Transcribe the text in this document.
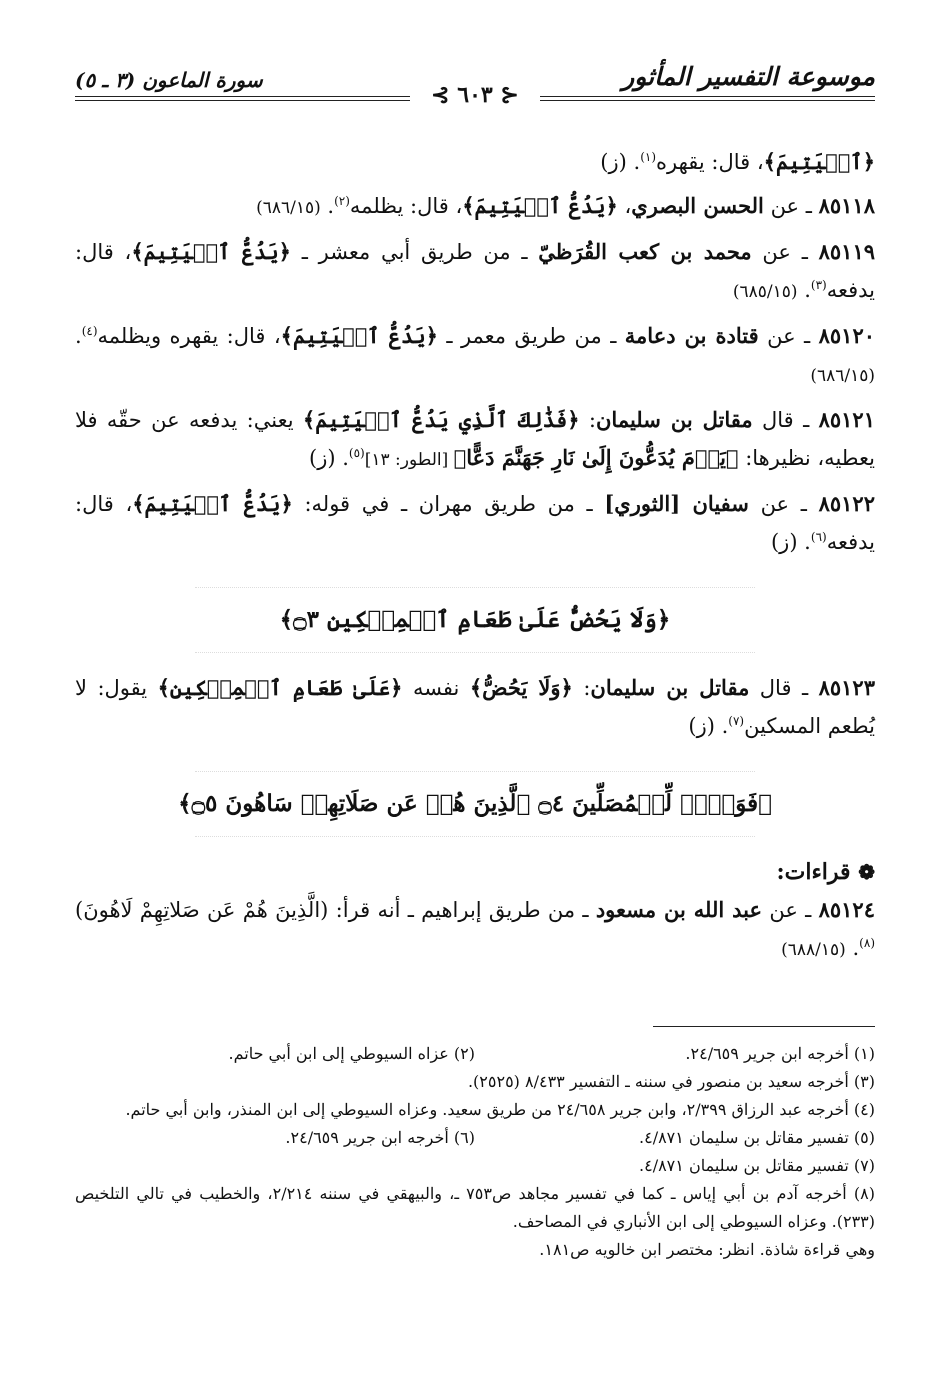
موسوعة التفسير المأثور
⊰ ٦٠٣ ⊱
سورة الماعون (٣ ـ ٥)
﴿ٱلۡيَتِيمَ﴾، قال: يقهره$^{(١)}$. (ز)
٨٥١١٨ ـ عن الحسن البصري، ﴿يَدُعُّ ٱلۡيَتِيمَ﴾، قال: يظلمه$^{(٢)}$. (٦٨٦/١٥)
٨٥١١٩ ـ عن محمد بن كعب القُرَظيّ ـ من طريق أبي معشر ـ ﴿يَدُعُّ ٱلۡيَتِيمَ﴾، قال: يدفعه$^{(٣)}$. (٦٨٥/١٥)
٨٥١٢٠ ـ عن قتادة بن دعامة ـ من طريق معمر ـ ﴿يَدُعُّ ٱلۡيَتِيمَ﴾، قال: يقهره ويظلمه$^{(٤)}$. (٦٨٦/١٥)
٨٥١٢١ ـ قال مقاتل بن سليمان: ﴿فَذَٰلِكَ ٱلَّذِي يَدُعُّ ٱلۡيَتِيمَ﴾ يعني: يدفعه عن حقّه فلا يعطيه، نظيرها: ﴿يَوۡمَ يُدَعُّونَ إِلَىٰ نَارِ جَهَنَّمَ دَعًّا﴾ [الطور: ١٣]$^{(٥)}$. (ز)
٨٥١٢٢ ـ عن سفيان [الثوري] ـ من طريق مهران ـ في قوله: ﴿يَدُعُّ ٱلۡيَتِيمَ﴾، قال: يدفعه$^{(٦)}$. (ز)
﴿وَلَا يَحُضُّ عَلَىٰ طَعَامِ ٱلۡمِسۡكِينِ ۝٣﴾
٨٥١٢٣ ـ قال مقاتل بن سليمان: ﴿وَلَا يَحُضُّ﴾ نفسه ﴿عَلَىٰ طَعَامِ ٱلۡمِسۡكِينِ﴾ يقول: لا يُطعم المسكين$^{(٧)}$. (ز)
﴿فَوَيۡلٞ لِّلۡمُصَلِّينَ ۝٤ ٱلَّذِينَ هُمۡ عَن صَلَاتِهِمۡ سَاهُونَ ۝٥﴾
❁ قراءات:
٨٥١٢٤ ـ عن عبد الله بن مسعود ـ من طريق إبراهيم ـ أنه قرأ: (الَّذِينَ هُمْ عَن صَلاتِهِمْ لَاهُونَ)$^{(٨)}$. (٦٨٨/١٥)
(١) أخرجه ابن جرير ٢٤/٦٥٩.
(٢) عزاه السيوطي إلى ابن أبي حاتم.
(٣) أخرجه سعيد بن منصور في سننه ـ التفسير ٨/٤٣٣ (٢٥٢٥).
(٤) أخرجه عبد الرزاق ٢/٣٩٩، وابن جرير ٢٤/٦٥٨ من طريق سعيد. وعزاه السيوطي إلى ابن المنذر، وابن أبي حاتم.
(٥) تفسير مقاتل بن سليمان ٤/٨٧١.
(٦) أخرجه ابن جرير ٢٤/٦٥٩.
(٧) تفسير مقاتل بن سليمان ٤/٨٧١.
(٨) أخرجه آدم بن أبي إياس ـ كما في تفسير مجاهد ص٧٥٣ ـ، والبيهقي في سننه ٢/٢١٤، والخطيب في تالي التلخيص (٢٣٣). وعزاه السيوطي إلى ابن الأنباري في المصاحف.
وهي قراءة شاذة. انظر: مختصر ابن خالويه ص١٨١.
